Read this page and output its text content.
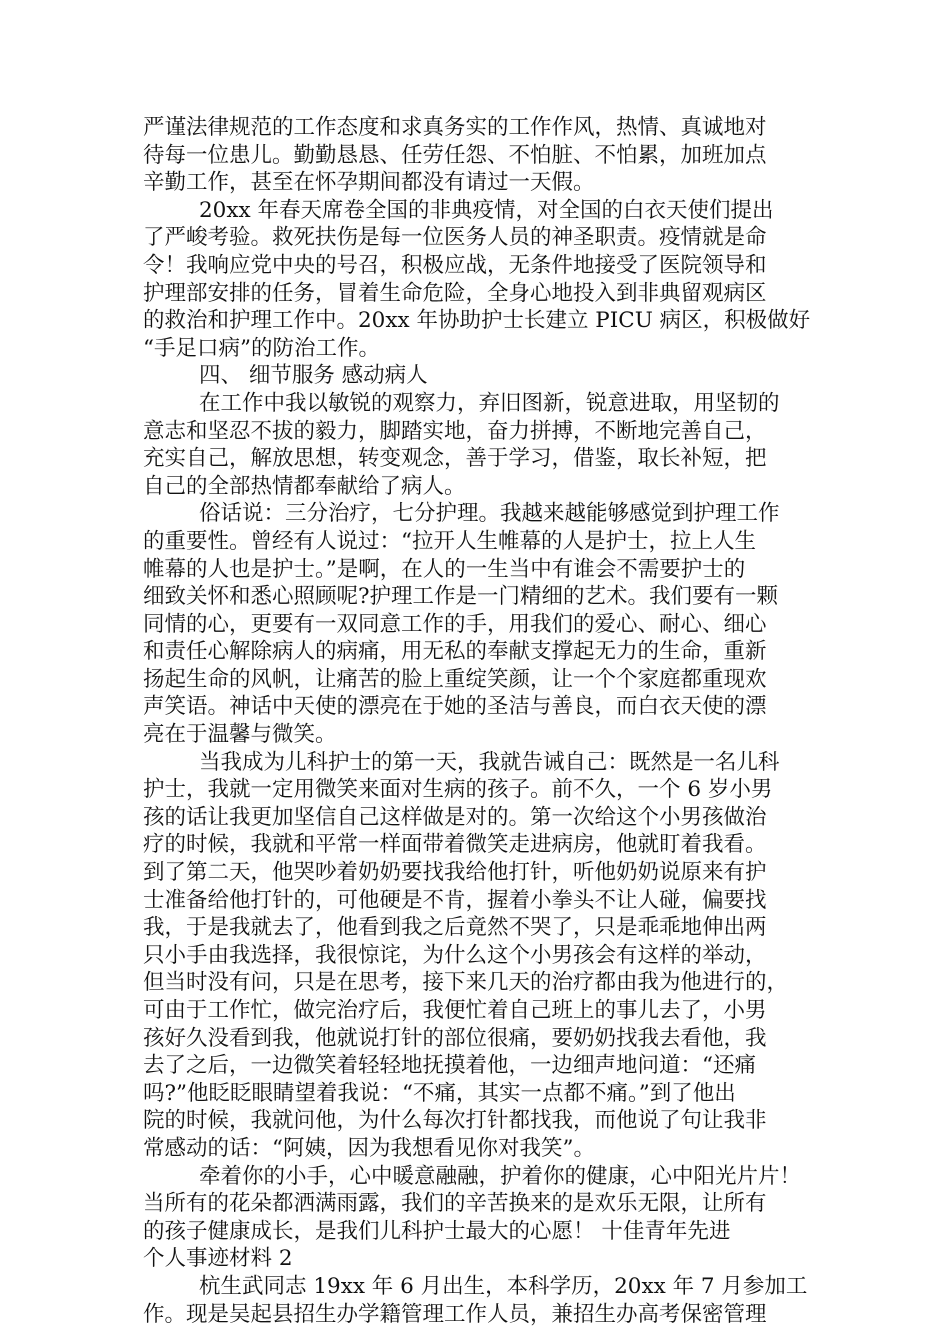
严谨法律规范的工作态度和求真务实的工作作风，热情、真诚地对
待每一位患儿。勤勤恳恳、任劳任怨、不怕脏、不怕累，加班加点
辛勤工作，甚至在怀孕期间都没有请过一天假。
20xx 年春天席卷全国的非典疫情，对全国的白衣天使们提出
了严峻考验。救死扶伤是每一位医务人员的神圣职责。疫情就是命
令！我响应党中央的号召，积极应战，无条件地接受了医院领导和
护理部安排的任务，冒着生命危险，全身心地投入到非典留观病区
的救治和护理工作中。20xx 年协助护士长建立 PICU 病区，积极做好
“手足口病”的防治工作。
四、 细节服务 感动病人
在工作中我以敏锐的观察力，弃旧图新，锐意进取，用坚韧的
意志和坚忍不拔的毅力，脚踏实地，奋力拼搏，不断地完善自己，
充实自己，解放思想，转变观念，善于学习，借鉴，取长补短，把
自己的全部热情都奉献给了病人。
俗话说：三分治疗，七分护理。我越来越能够感觉到护理工作
的重要性。曾经有人说过：“拉开人生帷幕的人是护士，拉上人生
帷幕的人也是护士。”是啊，在人的一生当中有谁会不需要护士的
细致关怀和悉心照顾呢?护理工作是一门精细的艺术。我们要有一颗
同情的心，更要有一双同意工作的手，用我们的爱心、耐心、细心
和责任心解除病人的病痛，用无私的奉献支撑起无力的生命，重新
扬起生命的风帆，让痛苦的脸上重绽笑颜，让一个个家庭都重现欢
声笑语。神话中天使的漂亮在于她的圣洁与善良，而白衣天使的漂
亮在于温馨与微笑。
当我成为儿科护士的第一天，我就告诫自己：既然是一名儿科
护士，我就一定用微笑来面对生病的孩子。前不久，一个 6 岁小男
孩的话让我更加坚信自己这样做是对的。第一次给这个小男孩做治
疗的时候，我就和平常一样面带着微笑走进病房，他就盯着我看。
到了第二天，他哭吵着奶奶要找我给他打针，听他奶奶说原来有护
士准备给他打针的，可他硬是不肯，握着小拳头不让人碰，偏要找
我，于是我就去了，他看到我之后竟然不哭了，只是乖乖地伸出两
只小手由我选择，我很惊诧，为什么这个小男孩会有这样的举动，
但当时没有问，只是在思考，接下来几天的治疗都由我为他进行的，
可由于工作忙，做完治疗后，我便忙着自己班上的事儿去了，小男
孩好久没看到我，他就说打针的部位很痛，要奶奶找我去看他，我
去了之后，一边微笑着轻轻地抚摸着他，一边细声地问道：“还痛
吗?”他眨眨眼睛望着我说：“不痛，其实一点都不痛。”到了他出
院的时候，我就问他，为什么每次打针都找我，而他说了句让我非
常感动的话：“阿姨，因为我想看见你对我笑”。
牵着你的小手，心中暖意融融，护着你的健康，心中阳光片片！
当所有的花朵都洒满雨露，我们的辛苦换来的是欢乐无限，让所有
的孩子健康成长，是我们儿科护士最大的心愿！ 十佳青年先进
个人事迹材料 2
杭生武同志 19xx 年 6 月出生，本科学历，20xx 年 7 月参加工
作。现是吴起县招生办学籍管理工作人员，兼招生办高考保密管理
